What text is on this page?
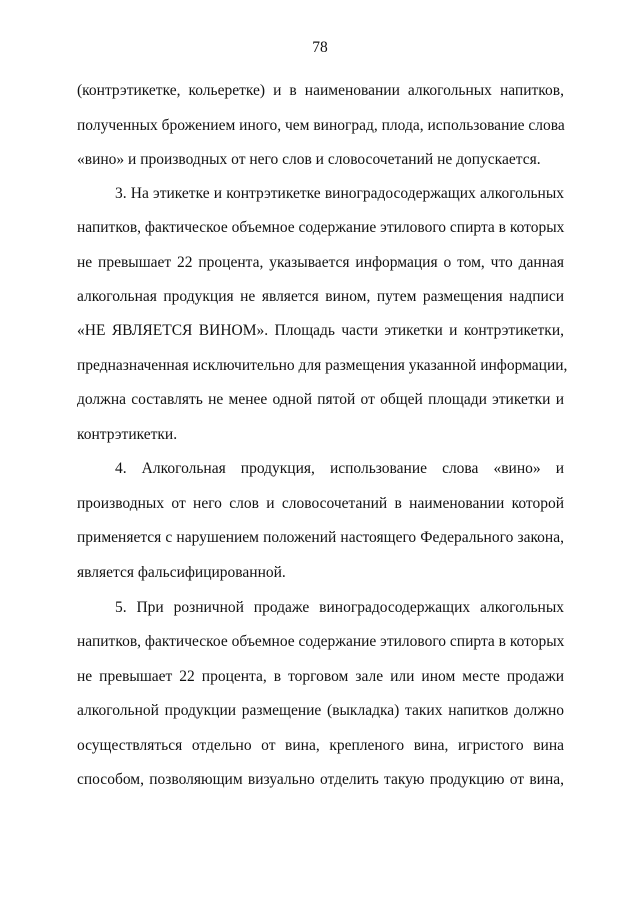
78
(контрэтикетке, кольеретке) и в наименовании алкогольных напитков,
полученных брожением иного, чем виноград, плода, использование слова
«вино» и производных от него слов и словосочетаний не допускается.
3. На этикетке и контрэтикетке виноградосодержащих алкогольных
напитков, фактическое объемное содержание этилового спирта в которых
не превышает 22 процента, указывается информация о том, что данная
алкогольная продукция не является вином, путем размещения надписи
«НЕ ЯВЛЯЕТСЯ ВИНОМ». Площадь части этикетки и контрэтикетки,
предназначенная исключительно для размещения указанной информации,
должна составлять не менее одной пятой от общей площади этикетки и
контрэтикетки.
4. Алкогольная продукция, использование слова «вино» и
производных от него слов и словосочетаний в наименовании которой
применяется с нарушением положений настоящего Федерального закона,
является фальсифицированной.
5. При розничной продаже виноградосодержащих алкогольных
напитков, фактическое объемное содержание этилового спирта в которых
не превышает 22 процента, в торговом зале или ином месте продажи
алкогольной продукции размещение (выкладка) таких напитков должно
осуществляться отдельно от вина, крепленого вина, игристого вина
способом, позволяющим визуально отделить такую продукцию от вина,
